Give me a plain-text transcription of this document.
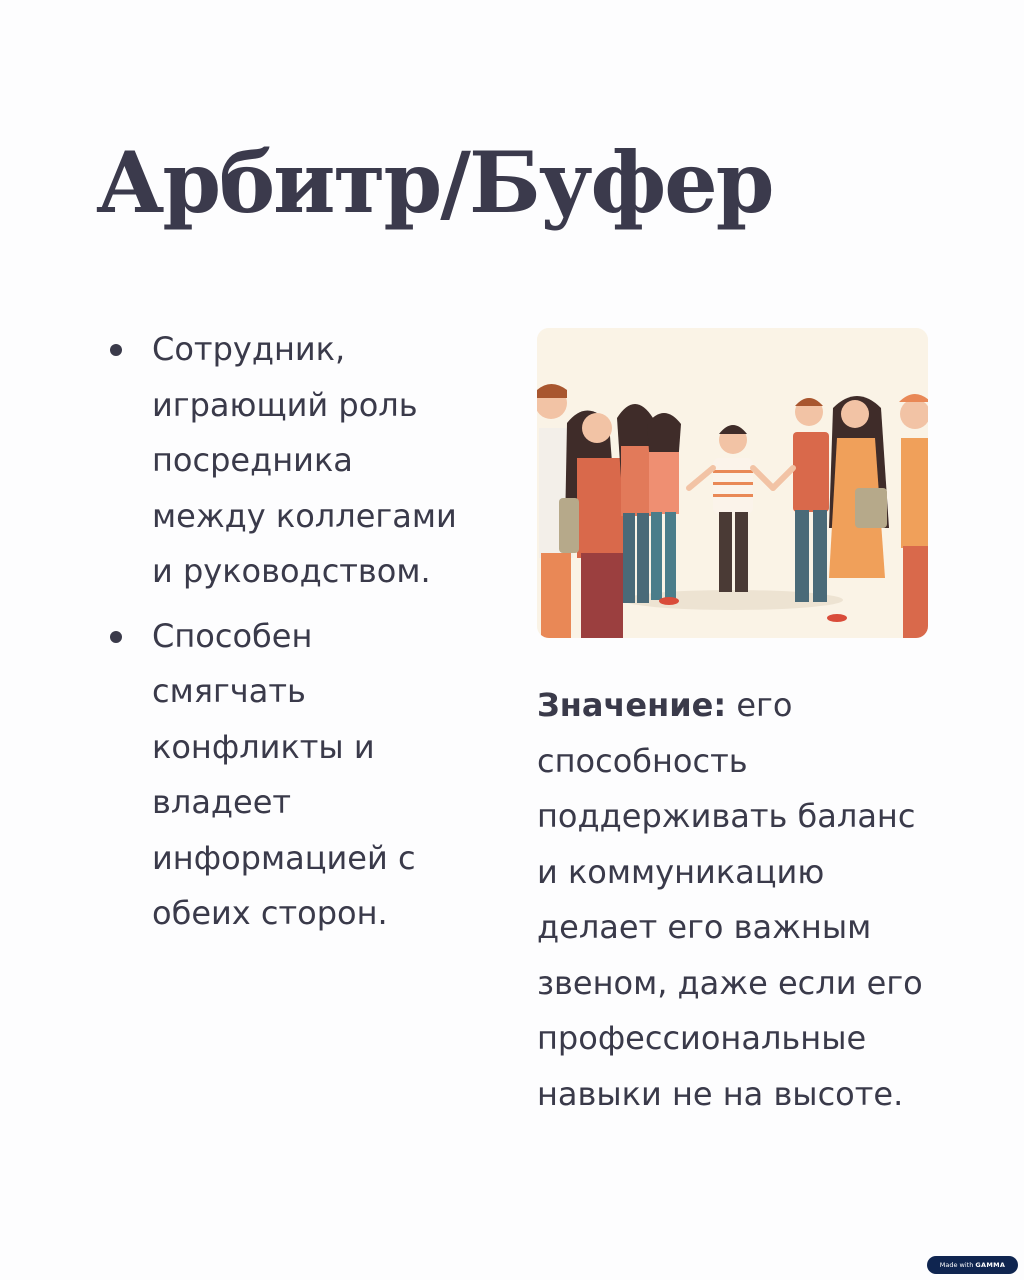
Арбитр/Буфер
Сотрудник, играющий роль посредника между коллегами и руководством.
Способен смягчать конфликты и владеет информацией с обеих сторон.

Значение: его способность поддерживать баланс и коммуникацию делает его важным звеном, даже если его профессиональные навыки не на высоте.

Made with GAMMA
